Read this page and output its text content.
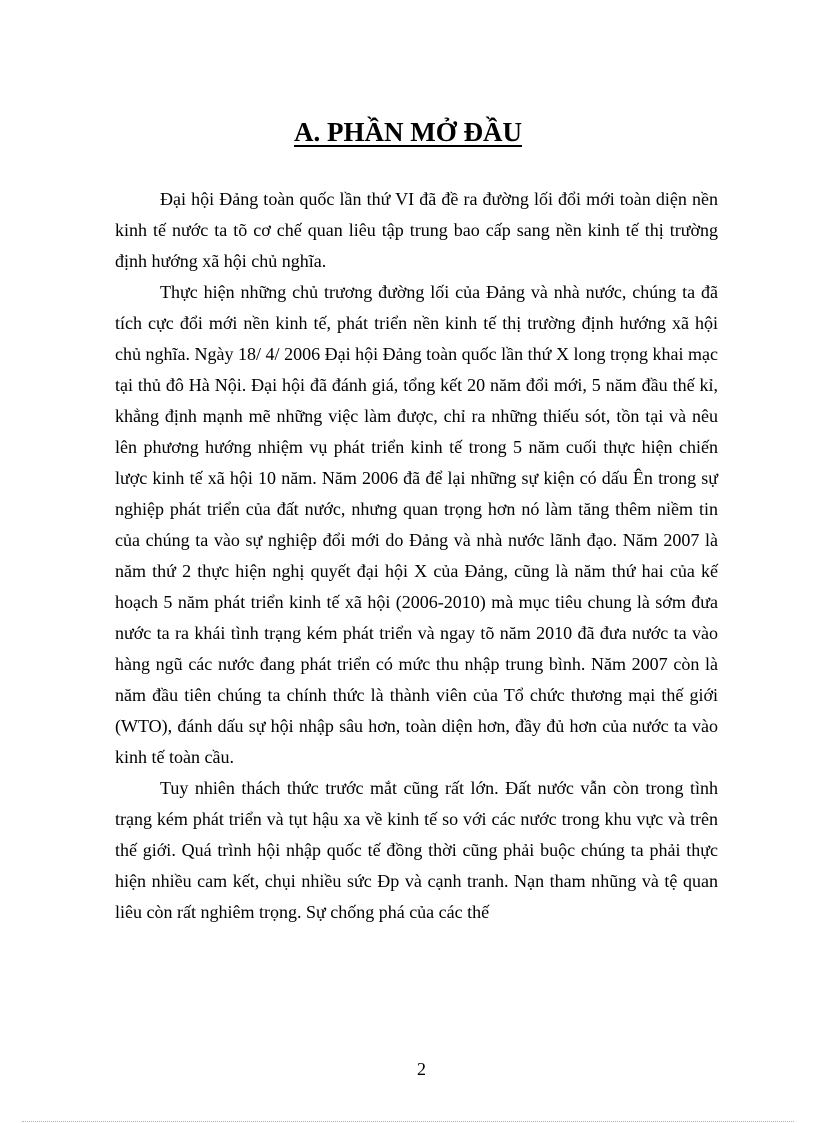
A. PHẦN MỞ ĐẦU

Đại hội Đảng toàn quốc lần thứ VI đã đề ra đường lối đổi mới toàn diện nền kinh tế nước ta tõ cơ chế quan liêu tập trung bao cấp sang nền kinh tế thị trường định hướng xã hội chủ nghĩa.

Thực hiện những chủ trương đường lối của Đảng và nhà nước, chúng ta đã tích cực đổi mới nền kinh tế, phát triển nền kinh tế thị trường định hướng xã hội chủ nghĩa. Ngày 18/ 4/ 2006 Đại hội Đảng toàn quốc lần thứ X long trọng khai mạc tại thủ đô Hà Nội. Đại hội đã đánh giá, tổng kết 20 năm đổi mới, 5 năm đầu thế kỉ, khẳng định mạnh mẽ những việc làm được, chỉ ra những thiếu sót, tồn tại và nêu lên phương hướng nhiệm vụ phát triển kinh tế trong 5 năm cuối thực hiện chiến lược kinh tế xã hội 10 năm. Năm 2006 đã để lại những sự kiện có dấu Ên trong sự nghiệp phát triển của đất nước, nhưng quan trọng hơn nó làm tăng thêm niềm tin của chúng ta vào sự nghiệp đổi mới do Đảng và nhà nước lãnh đạo. Năm 2007 là năm thứ 2 thực hiện nghị quyết đại hội X của Đảng, cũng là năm thứ hai của kế hoạch 5 năm phát triển kinh tế xã hội (2006-2010) mà mục tiêu chung là sớm đưa nước ta ra khái tình trạng kém phát triển và ngay tõ năm 2010 đã đưa nước ta vào hàng ngũ các nước đang phát triển có mức thu nhập trung bình. Năm 2007 còn là năm đầu tiên chúng ta chính thức là thành viên của Tổ chức thương mại thế giới (WTO), đánh dấu sự hội nhập sâu hơn, toàn diện hơn, đầy đủ hơn của nước ta vào kinh tế toàn cầu.

Tuy nhiên thách thức trước mắt cũng rất lớn. Đất nước vẫn còn trong tình trạng kém phát triển và tụt hậu xa về kinh tế so với các nước trong khu vực và trên thế giới. Quá trình hội nhập quốc tế đồng thời cũng phải buộc chúng ta phải thực hiện nhiều cam kết, chụi nhiều sức Ðp và cạnh tranh. Nạn tham nhũng và tệ quan liêu còn rất nghiêm trọng. Sự chống phá của các thế

2
